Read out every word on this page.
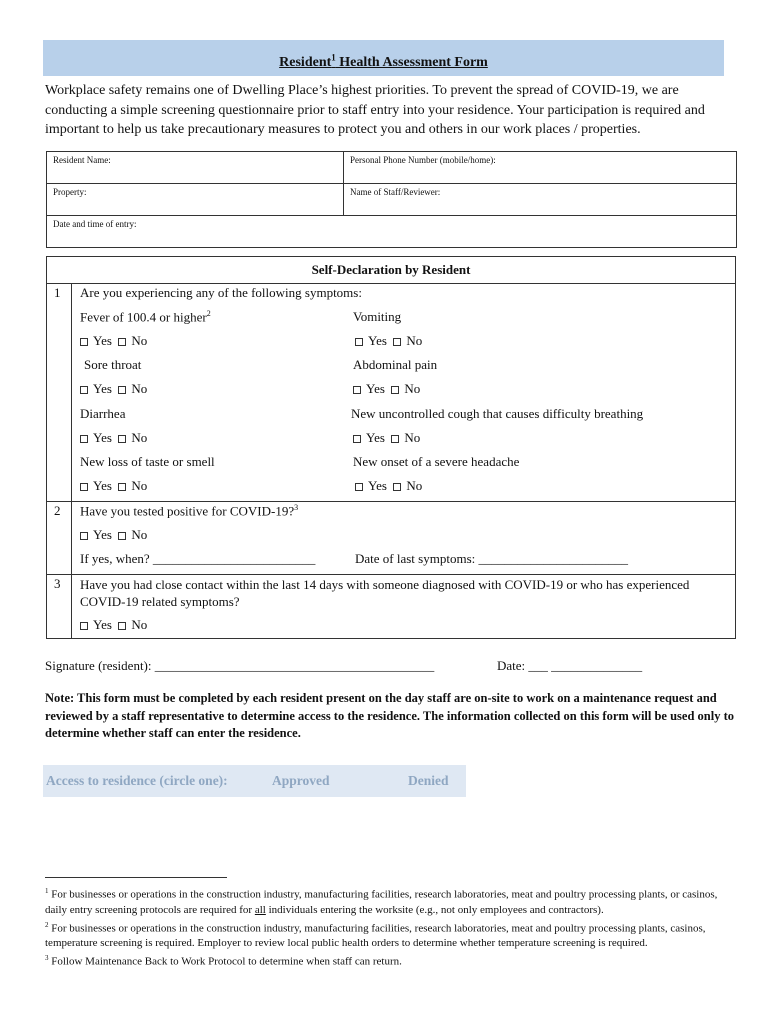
Resident$^1$ Health Assessment Form
Workplace safety remains one of Dwelling Place’s highest priorities. To prevent the spread of COVID-19, we are conducting a simple screening questionnaire prior to staff entry into your residence. Your participation is required and important to help us take precautionary measures to protect you and others in our work places / properties.
Resident Name:	Personal Phone Number (mobile/home):
Property:	Name of Staff/Reviewer:
Date and time of entry:	
Self-Declaration by Resident
1 Are you experiencing any of the following symptoms:
Fever of 100.4 or higher$^2$	Vomiting
Yes No	Yes No
Sore throat	Abdominal pain
Yes No	Yes No
Diarrhea	New uncontrolled cough that causes difficulty breathing
Yes No	Yes No
New loss of taste or smell	New onset of a severe headache
Yes No	Yes No
2 Have you tested positive for COVID-19?$^3$
Yes No
If yes, when? _________________________	Date of last symptoms: _______________________
3 Have you had close contact within the last 14 days with someone diagnosed with COVID-19 or who has experienced COVID-19 related symptoms?
Yes No
Signature (resident): ___________________________________________	Date: ___ ______________
Note: This form must be completed by each resident present on the day staff are on-site to work on a maintenance request and reviewed by a staff representative to determine access to the residence. The information collected on this form will be used only to determine whether staff can enter the residence.
Access to residence (circle one):	Approved	Denied

$^1$ For businesses or operations in the construction industry, manufacturing facilities, research laboratories, meat and poultry processing plants, or casinos, daily entry screening protocols are required for all individuals entering the worksite (e.g., not only employees and contractors).

$^2$ For businesses or operations in the construction industry, manufacturing facilities, research laboratories, meat and poultry processing plants, casinos, temperature screening is required. Employer to review local public health orders to determine whether temperature screening is required.

$^3$ Follow Maintenance Back to Work Protocol to determine when staff can return.
